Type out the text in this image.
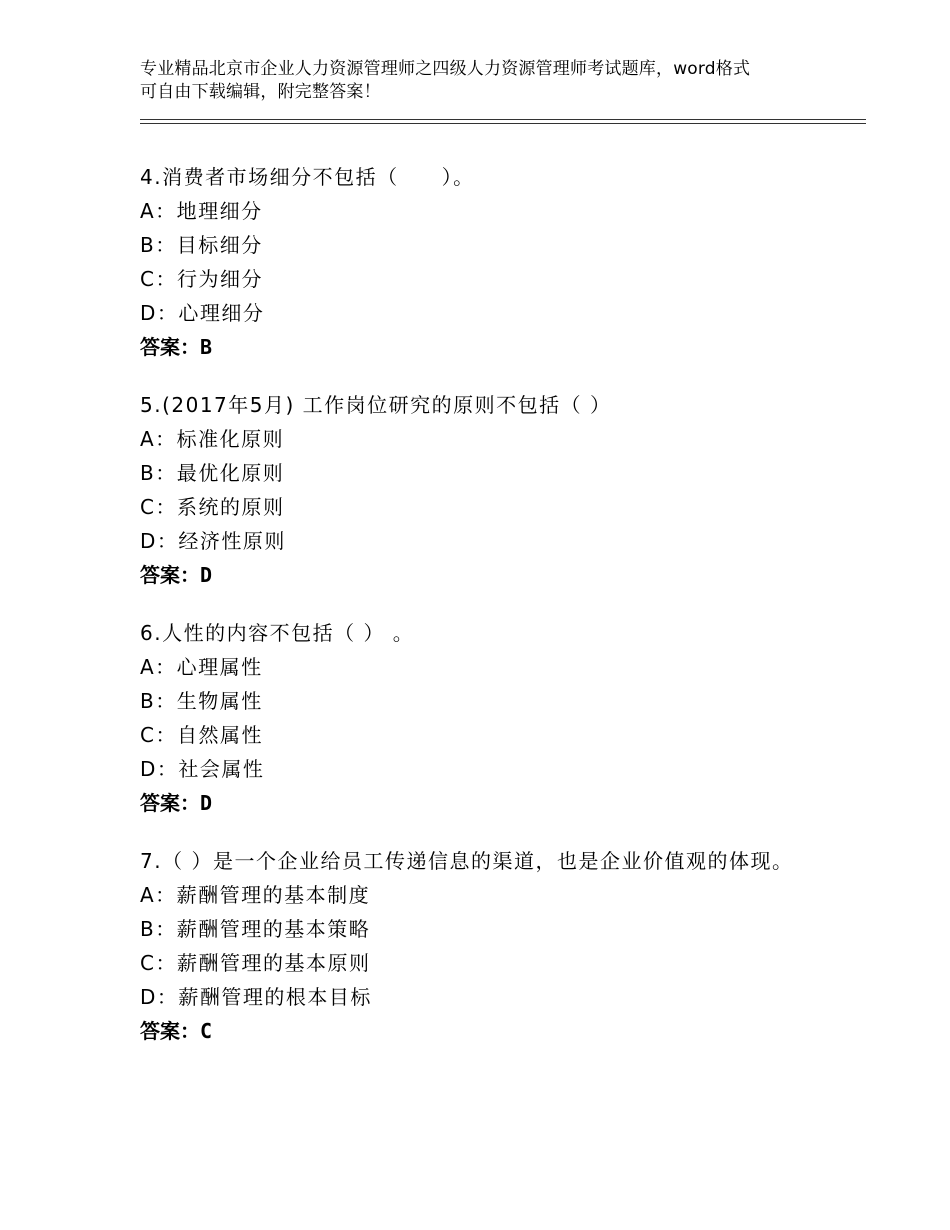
专业精品北京市企业人力资源管理师之四级人力资源管理师考试题库，word格式
可自由下载编辑，附完整答案！
4.消费者市场细分不包括（　　）。
A：地理细分
B：目标细分
C：行为细分
D：心理细分
答案：B
5.(2017年5月) 工作岗位研究的原则不包括（ ）
A：标准化原则
B：最优化原则
C：系统的原则
D：经济性原则
答案：D
6.人性的内容不包括（ ） 。
A：心理属性
B：生物属性
C：自然属性
D：社会属性
答案：D
7.（ ）是一个企业给员工传递信息的渠道，也是企业价值观的体现。
A：薪酬管理的基本制度
B：薪酬管理的基本策略
C：薪酬管理的基本原则
D：薪酬管理的根本目标
答案：C
